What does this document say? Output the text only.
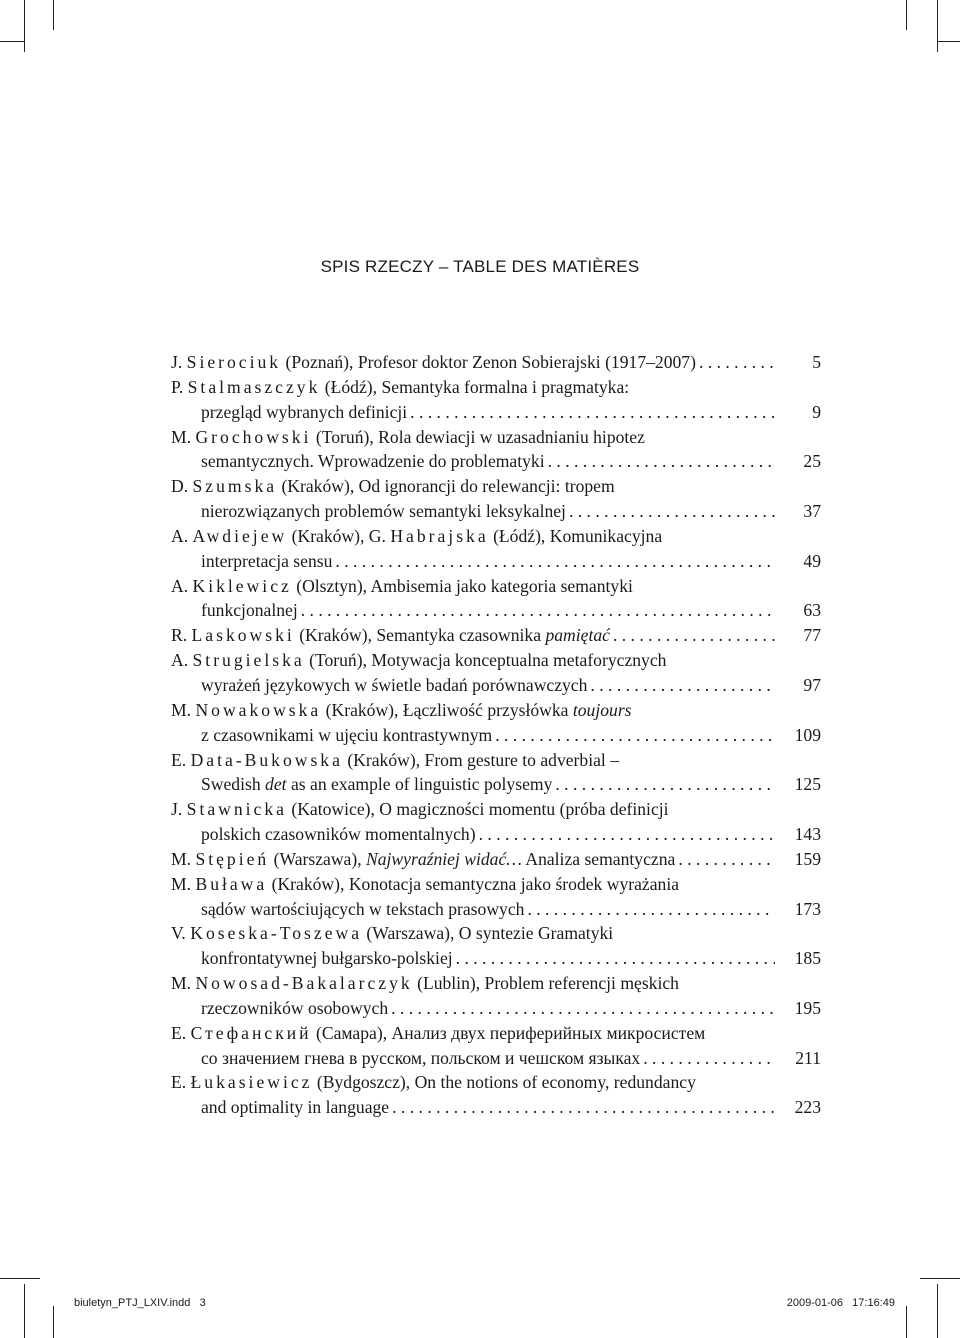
SPIS RZECZY – TABLE DES MATIÈRES
J. Sierociuk (Poznań), Profesor doktor Zenon Sobierajski (1917–2007) . . .	5
P. Stalmaszczyk (Łódź), Semantyka formalna i pragmatyka:
przegląd wybranych definicji . . .	9
M. Grochowski (Toruń), Rola dewiacji w uzasadnianiu hipotez
semantycznych. Wprowadzenie do problematyki . . .	25
D. Szumska (Kraków), Od ignorancji do relewancji: tropem
nierozwiązanych problemów semantyki leksykalnej . . .	37
A. Awdiejew (Kraków), G. Habrajska (Łódź), Komunikacyjna
interpretacja sensu . . .	49
A. Kiklewicz (Olsztyn), Ambisemia jako kategoria semantyki
funkcjonalnej . . .	63
R. Laskowski (Kraków), Semantyka czasownika pamiętać . . .	77
A. Strugielska (Toruń), Motywacja konceptualna metaforycznych
wyrażeń językowych w świetle badań porównawczych . . .	97
M. Nowakowska (Kraków), Łączliwość przysłówka toujours
z czasownikami w ujęciu kontrastywnym . . .	109
E. Data-Bukowska (Kraków), From gesture to adverbial –
Swedish det as an example of linguistic polysemy . . .	125
J. Stawnicka (Katowice), O magiczności momentu (próba definicji
polskich czasowników momentalnych) . . .	143
M. Stępień (Warszawa), Najwyraźniej widać… Analiza semantyczna . . .	159
M. Buława (Kraków), Konotacja semantyczna jako środek wyrażania
sądów wartościujących w tekstach prasowych . . .	173
V. Koseska-Toszewa (Warszawa), O syntezie Gramatyki
konfrontatywnej bułgarsko-polskiej . . .	185
M. Nowosad-Bakalarczyk (Lublin), Problem referencji męskich
rzeczowników osobowych . . .	195
Е. Стефанский (Самара), Анализ двух периферийных микросистем
со значением гнева в русском, польском и чешском языках . . .	211
E. Łukasiewicz (Bydgoszcz), On the notions of economy, redundancy
and optimality in language . . .	223
biuletyn_PTJ_LXIV.indd 3	2009-01-06 17:16:49
